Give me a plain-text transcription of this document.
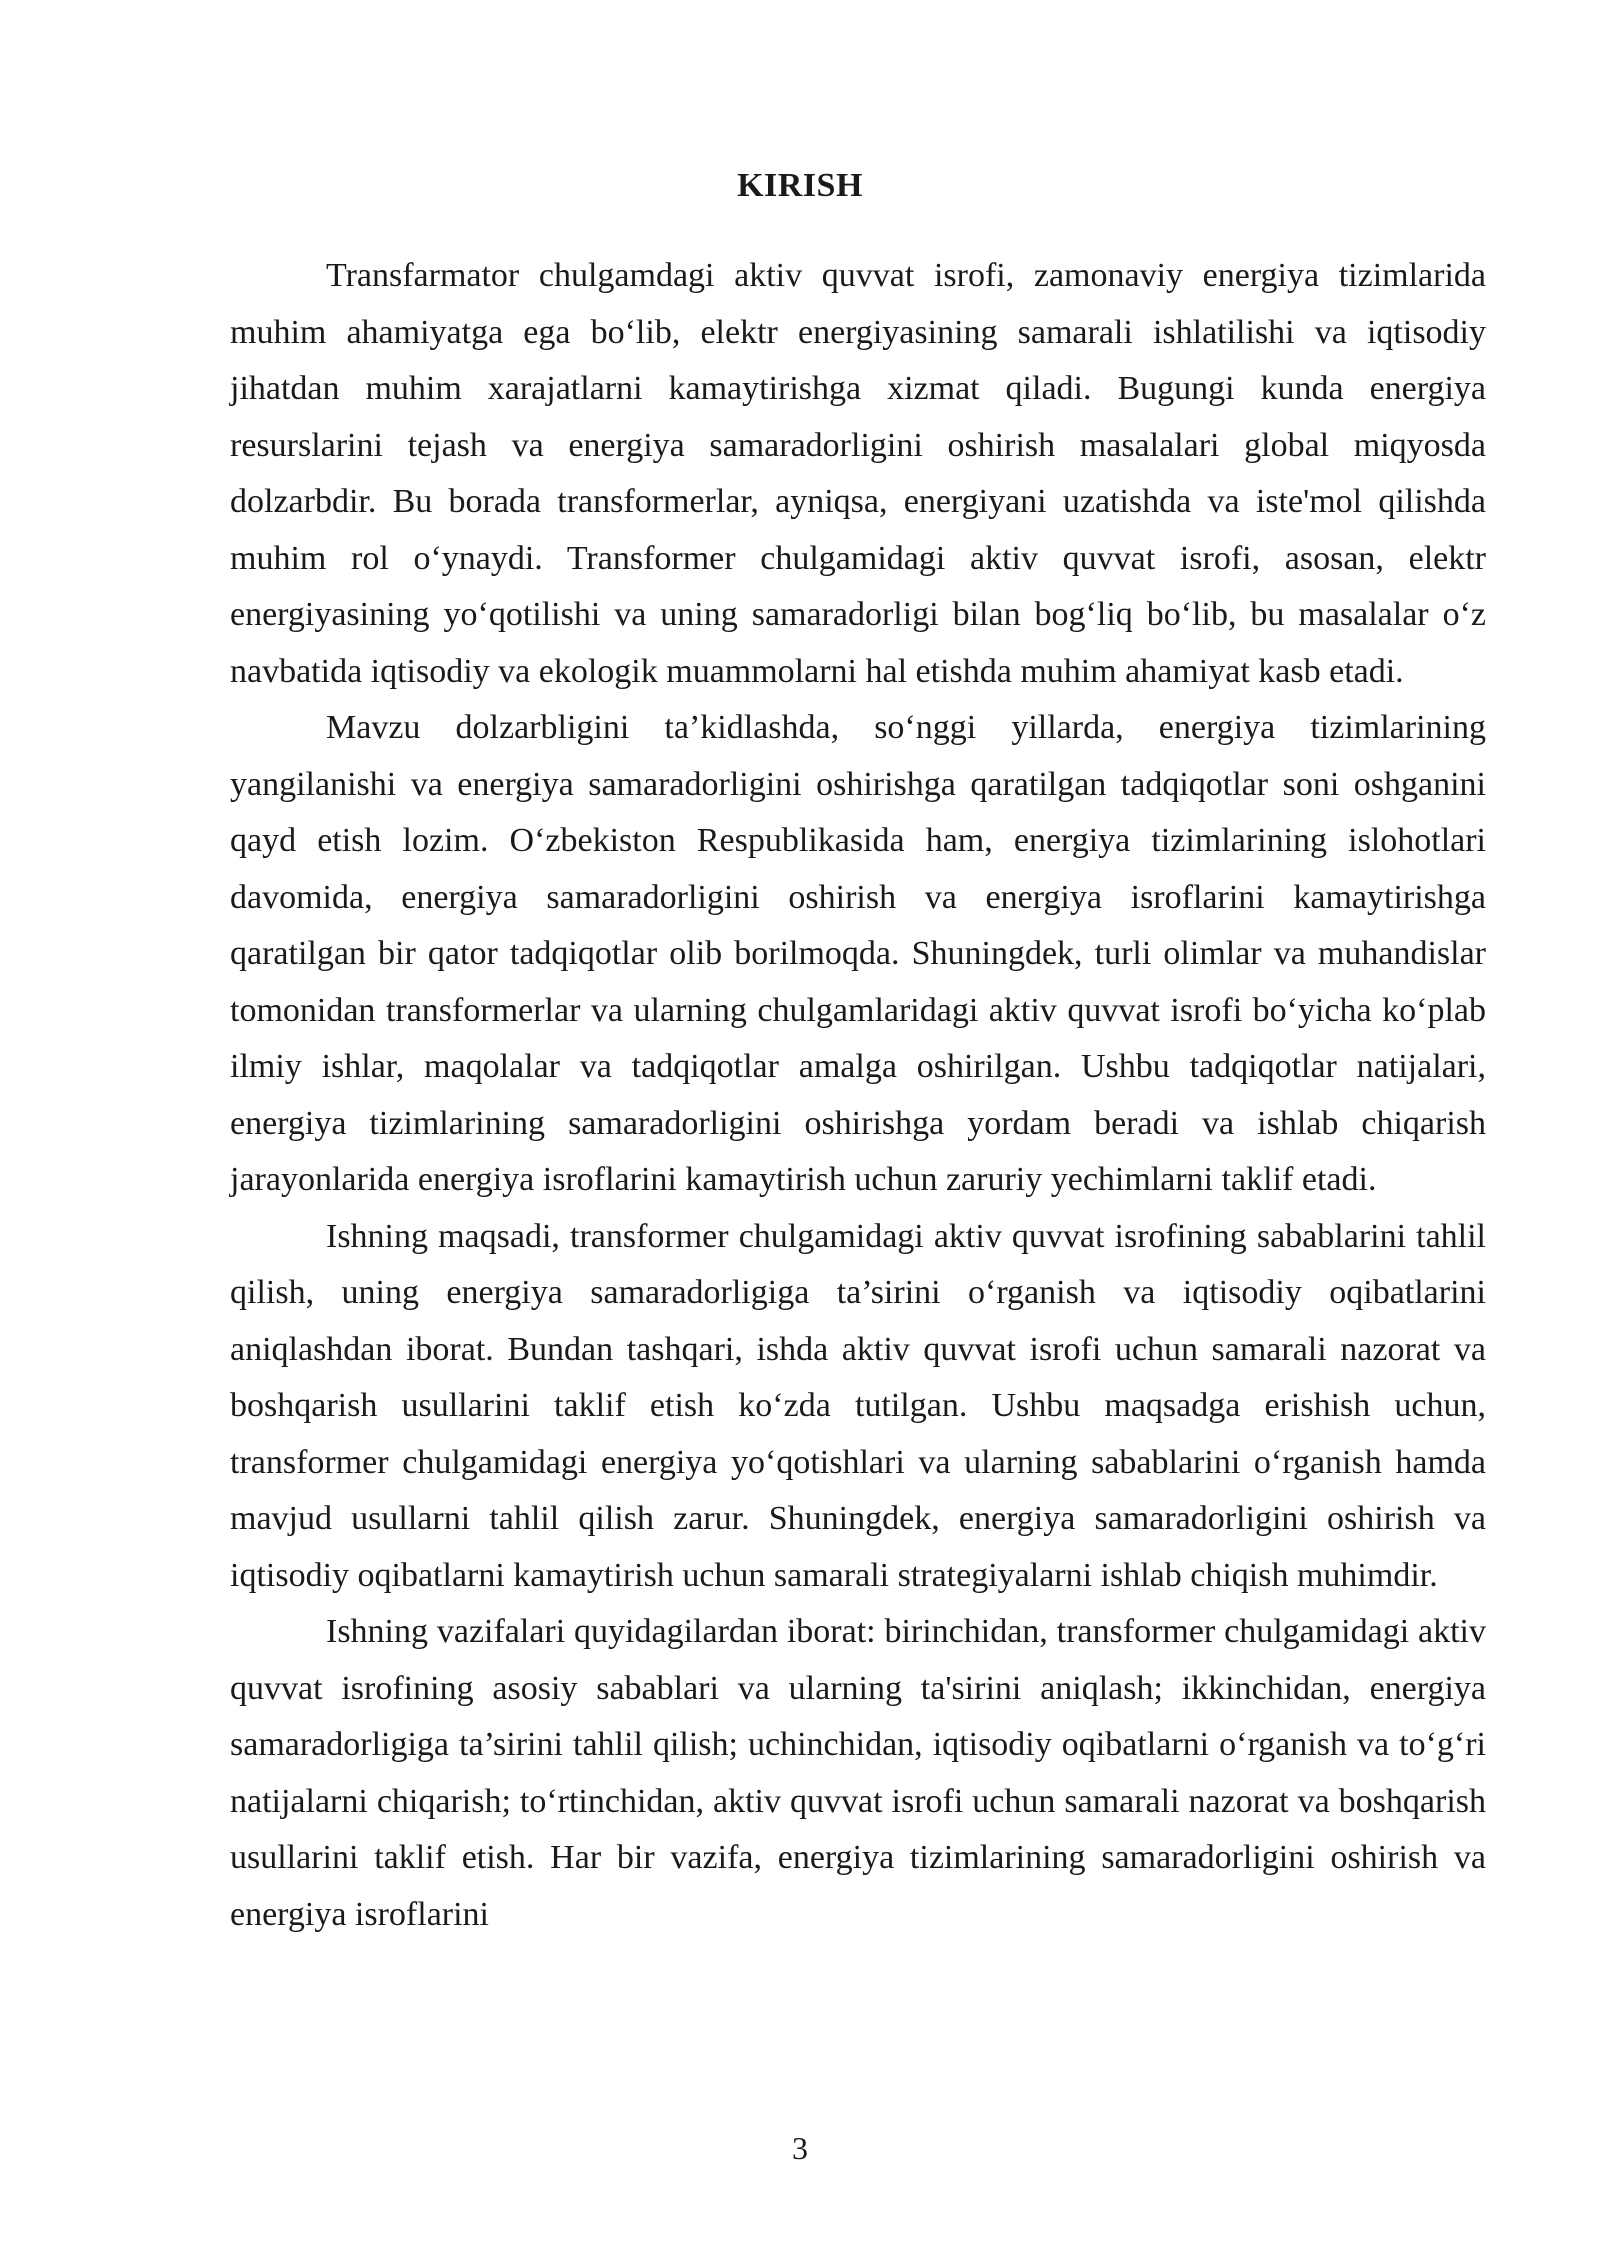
KIRISH

Transfarmator chulgamdagi aktiv quvvat isrofi, zamonaviy energiya tizimlarida muhim ahamiyatga ega boʻlib, elektr energiyasining samarali ishlatilishi va iqtisodiy jihatdan muhim xarajatlarni kamaytirishga xizmat qiladi. Bugungi kunda energiya resurslarini tejash va energiya samaradorligini oshirish masalalari global miqyosda dolzarbdir. Bu borada transformerlar, ayniqsa, energiyani uzatishda va iste'mol qilishda muhim rol oʻynaydi. Transformer chulgamidagi aktiv quvvat isrofi, asosan, elektr energiyasining yoʻqotilishi va uning samaradorligi bilan bogʻliq boʻlib, bu masalalar oʻz navbatida iqtisodiy va ekologik muammolarni hal etishda muhim ahamiyat kasb etadi.

Mavzu dolzarbligini ta’kidlashda, soʻnggi yillarda, energiya tizimlarining yangilanishi va energiya samaradorligini oshirishga qaratilgan tadqiqotlar soni oshganini qayd etish lozim. Oʻzbekiston Respublikasida ham, energiya tizimlarining islohotlari davomida, energiya samaradorligini oshirish va energiya isroflarini kamaytirishga qaratilgan bir qator tadqiqotlar olib borilmoqda. Shuningdek, turli olimlar va muhandislar tomonidan transformerlar va ularning chulgamlaridagi aktiv quvvat isrofi boʻyicha koʻplab ilmiy ishlar, maqolalar va tadqiqotlar amalga oshirilgan. Ushbu tadqiqotlar natijalari, energiya tizimlarining samaradorligini oshirishga yordam beradi va ishlab chiqarish jarayonlarida energiya isroflarini kamaytirish uchun zaruriy yechimlarni taklif etadi.

Ishning maqsadi, transformer chulgamidagi aktiv quvvat isrofining sabablarini tahlil qilish, uning energiya samaradorligiga ta’sirini oʻrganish va iqtisodiy oqibatlarini aniqlashdan iborat. Bundan tashqari, ishda aktiv quvvat isrofi uchun samarali nazorat va boshqarish usullarini taklif etish koʻzda tutilgan. Ushbu maqsadga erishish uchun, transformer chulgamidagi energiya yoʻqotishlari va ularning sabablarini oʻrganish hamda mavjud usullarni tahlil qilish zarur. Shuningdek, energiya samaradorligini oshirish va iqtisodiy oqibatlarni kamaytirish uchun samarali strategiyalarni ishlab chiqish muhimdir.

Ishning vazifalari quyidagilardan iborat: birinchidan, transformer chulgamidagi aktiv quvvat isrofining asosiy sabablari va ularning ta'sirini aniqlash; ikkinchidan, energiya samaradorligiga ta’sirini tahlil qilish; uchinchidan, iqtisodiy oqibatlarni oʻrganish va toʻgʻri natijalarni chiqarish; toʻrtinchidan, aktiv quvvat isrofi uchun samarali nazorat va boshqarish usullarini taklif etish. Har bir vazifa, energiya tizimlarining samaradorligini oshirish va energiya isroflarini

3
